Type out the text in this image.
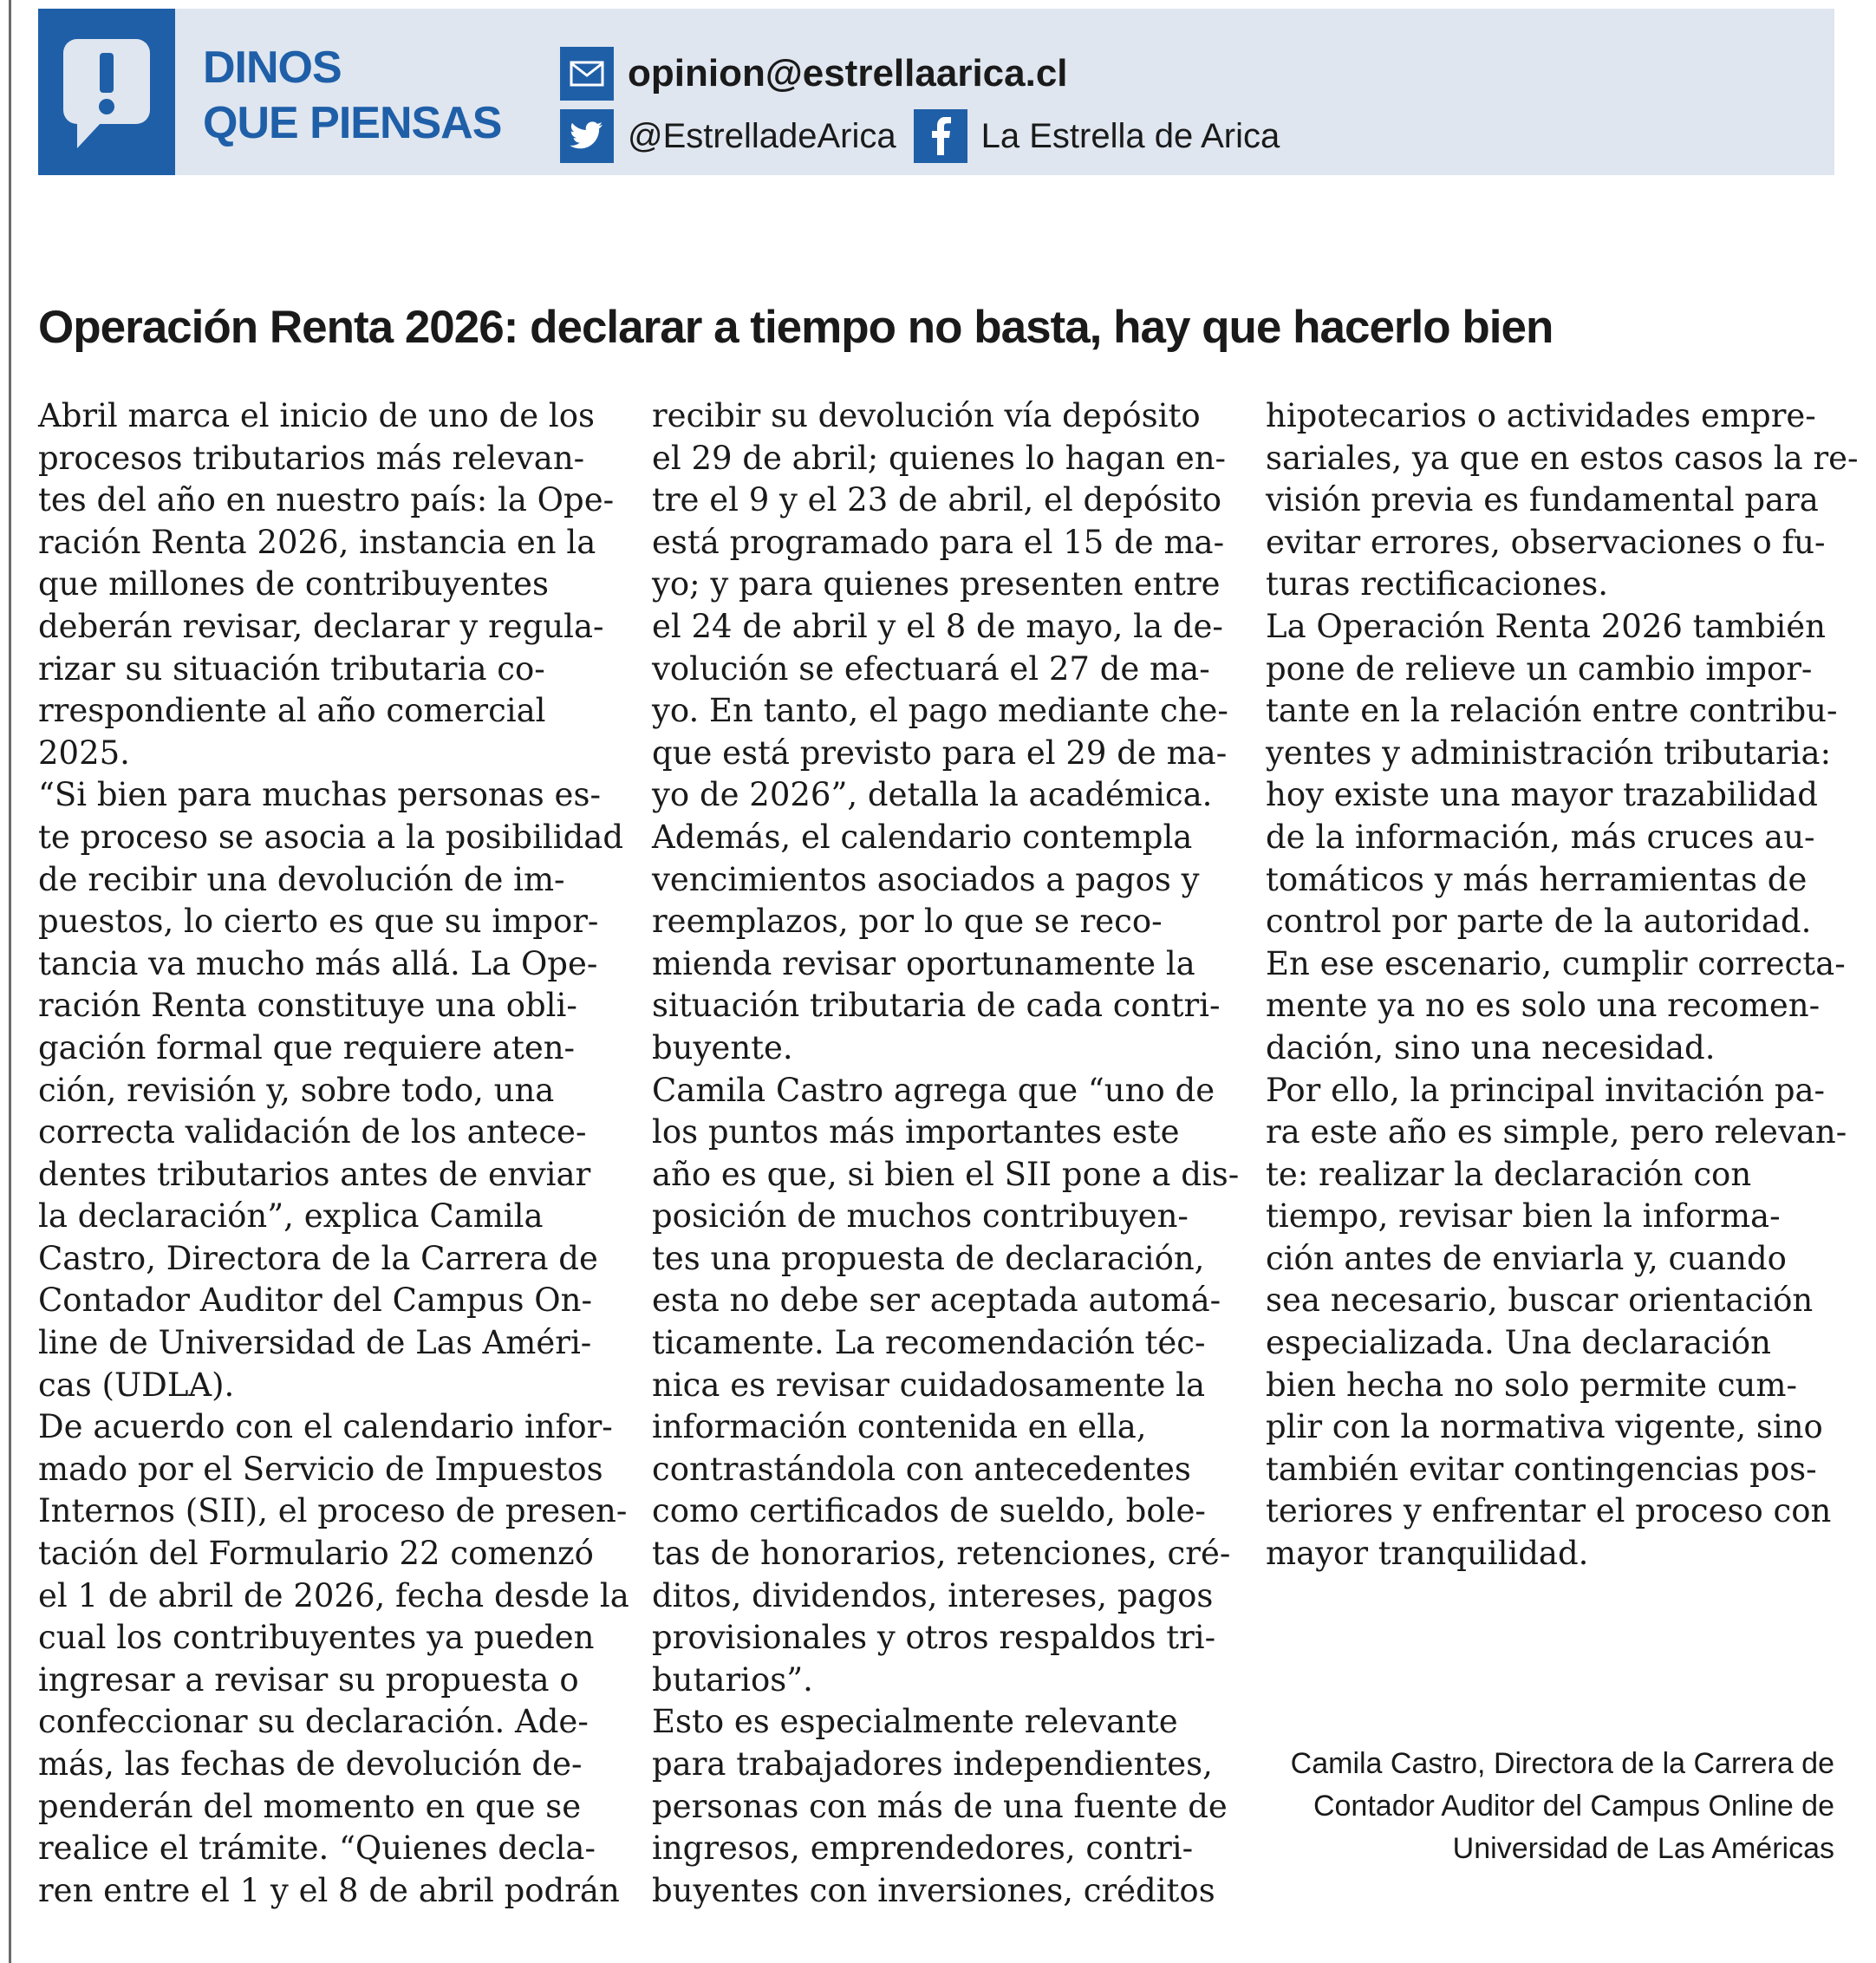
DINOS
QUE PIENSAS
opinion@estrellaarica.cl
@EstrelladeArica La Estrella de Arica
Operación Renta 2026: declarar a tiempo no basta, hay que hacerlo bien
Abril marca el inicio de uno de los
procesos tributarios más relevan-
tes del año en nuestro país: la Ope-
ración Renta 2026, instancia en la
que millones de contribuyentes
deberán revisar, declarar y regula-
rizar su situación tributaria co-
rrespondiente al año comercial
2025.
“Si bien para muchas personas es-
te proceso se asocia a la posibilidad
de recibir una devolución de im-
puestos, lo cierto es que su impor-
tancia va mucho más allá. La Ope-
ración Renta constituye una obli-
gación formal que requiere aten-
ción, revisión y, sobre todo, una
correcta validación de los antece-
dentes tributarios antes de enviar
la declaración”, explica Camila
Castro, Directora de la Carrera de
Contador Auditor del Campus On-
line de Universidad de Las Améri-
cas (UDLA).
De acuerdo con el calendario infor-
mado por el Servicio de Impuestos
Internos (SII), el proceso de presen-
tación del Formulario 22 comenzó
el 1 de abril de 2026, fecha desde la
cual los contribuyentes ya pueden
ingresar a revisar su propuesta o
confeccionar su declaración. Ade-
más, las fechas de devolución de-
penderán del momento en que se
realice el trámite. “Quienes decla-
ren entre el 1 y el 8 de abril podrán
recibir su devolución vía depósito
el 29 de abril; quienes lo hagan en-
tre el 9 y el 23 de abril, el depósito
está programado para el 15 de ma-
yo; y para quienes presenten entre
el 24 de abril y el 8 de mayo, la de-
volución se efectuará el 27 de ma-
yo. En tanto, el pago mediante che-
que está previsto para el 29 de ma-
yo de 2026”, detalla la académica.
Además, el calendario contempla
vencimientos asociados a pagos y
reemplazos, por lo que se reco-
mienda revisar oportunamente la
situación tributaria de cada contri-
buyente.
Camila Castro agrega que “uno de
los puntos más importantes este
año es que, si bien el SII pone a dis-
posición de muchos contribuyen-
tes una propuesta de declaración,
esta no debe ser aceptada automá-
ticamente. La recomendación téc-
nica es revisar cuidadosamente la
información contenida en ella,
contrastándola con antecedentes
como certificados de sueldo, bole-
tas de honorarios, retenciones, cré-
ditos, dividendos, intereses, pagos
provisionales y otros respaldos tri-
butarios”.
Esto es especialmente relevante
para trabajadores independientes,
personas con más de una fuente de
ingresos, emprendedores, contri-
buyentes con inversiones, créditos
hipotecarios o actividades empre-
sariales, ya que en estos casos la re-
visión previa es fundamental para
evitar errores, observaciones o fu-
turas rectificaciones.
La Operación Renta 2026 también
pone de relieve un cambio impor-
tante en la relación entre contribu-
yentes y administración tributaria:
hoy existe una mayor trazabilidad
de la información, más cruces au-
tomáticos y más herramientas de
control por parte de la autoridad.
En ese escenario, cumplir correcta-
mente ya no es solo una recomen-
dación, sino una necesidad.
Por ello, la principal invitación pa-
ra este año es simple, pero relevan-
te: realizar la declaración con
tiempo, revisar bien la informa-
ción antes de enviarla y, cuando
sea necesario, buscar orientación
especializada. Una declaración
bien hecha no solo permite cum-
plir con la normativa vigente, sino
también evitar contingencias pos-
teriores y enfrentar el proceso con
mayor tranquilidad.
Camila Castro, Directora de la Carrera de
Contador Auditor del Campus Online de
Universidad de Las Américas
